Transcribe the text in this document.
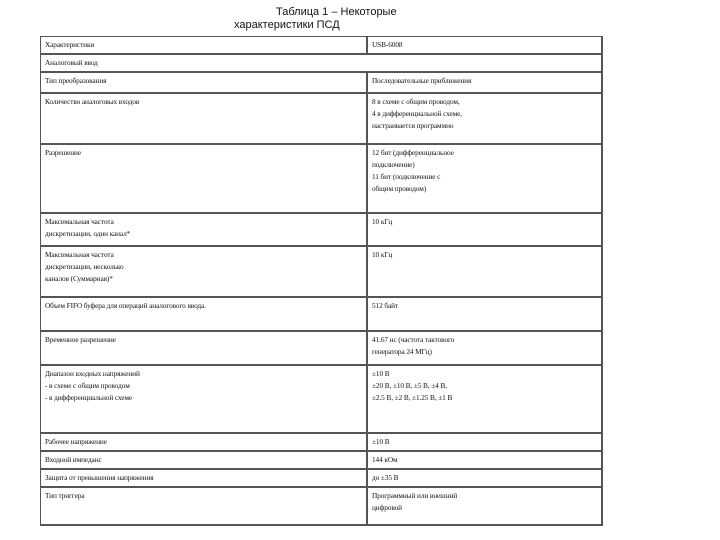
Таблица 1 – Некоторые
характеристики ПСД
Характеристики	USB-6008
Аналоговый ввод	

Тип преобразования	Последовательные приближения

Количество аналоговых входов	8 в схеме с общим проводом,
4 в дифференциальной схеме,
настраивается программно

Разрешение	12 бит (дифференциальное
подключение)
11 бит (подключение с
общим проводом)

Максимальная частота
дискретизации, один канал*	10 кГц

Максимальная частота
дискретизации, несколько
каналов (Суммарная)*	10 кГц

Объем FIFO буфера для операций аналогового ввода.	512 байт

Временное разрешение	41.67 нс (частота тактового
генератора 24 МГц)

Диапазон входных напряжений
- в схеме с общим проводом
- в дифференциальной схеме	±10 В
±20 В, ±10 В, ±5 В, ±4 В,
±2.5 В, ±2 В, ±1.25 В, ±1 В

Рабочее напряжение	±10 В

Входной импеданс	144 кОм

Защита от превышения напряжения	до ±35 В

Тип триггера	Программный или внешний
цифровой
